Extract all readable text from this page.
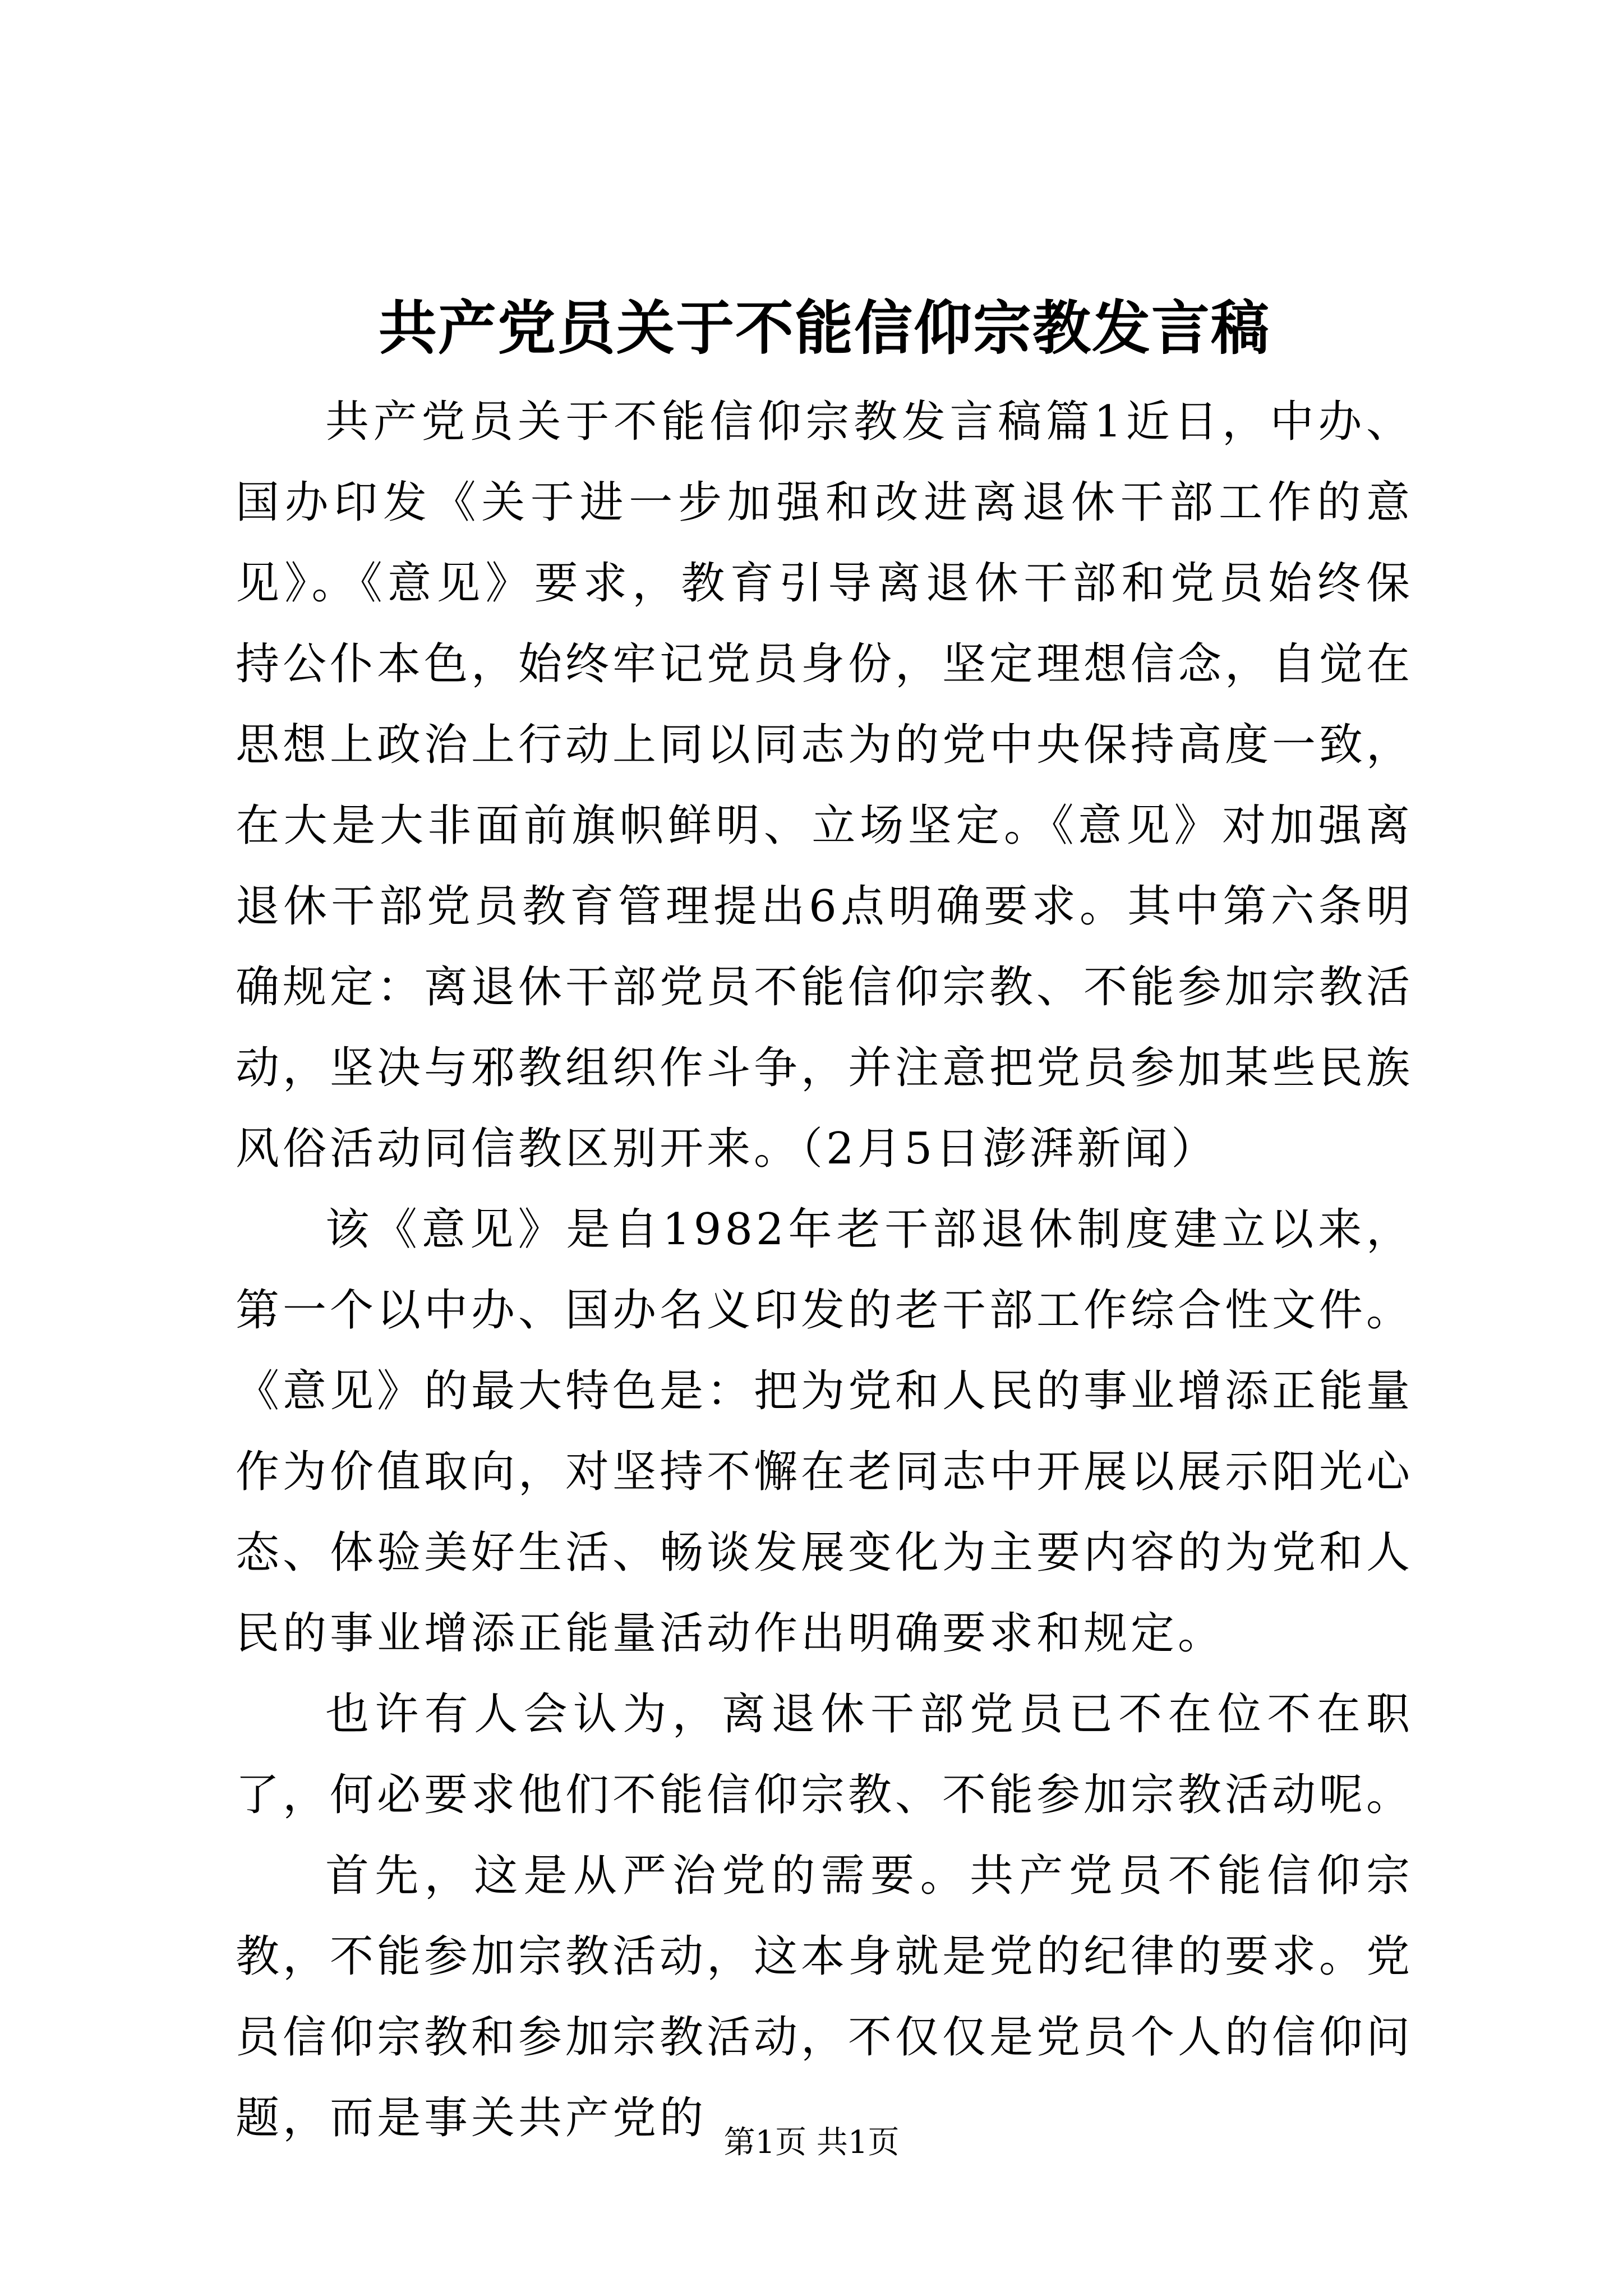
共产党员关于不能信仰宗教发言稿

共产党员关于不能信仰宗教发言稿篇1近日，中办、国办印发《关于进一步加强和改进离退休干部工作的意见》。《意见》要求，教育引导离退休干部和党员始终保持公仆本色，始终牢记党员身份，坚定理想信念，自觉在思想上政治上行动上同以同志为的党中央保持高度一致，在大是大非面前旗帜鲜明、立场坚定。《意见》对加强离退休干部党员教育管理提出6点明确要求。其中第六条明确规定：离退休干部党员不能信仰宗教、不能参加宗教活动，坚决与邪教组织作斗争，并注意把党员参加某些民族风俗活动同信教区别开来。（2月5日澎湃新闻）

该《意见》是自1982年老干部退休制度建立以来，第一个以中办、国办名义印发的老干部工作综合性文件。《意见》的最大特色是：把为党和人民的事业增添正能量作为价值取向，对坚持不懈在老同志中开展以展示阳光心态、体验美好生活、畅谈发展变化为主要内容的为党和人民的事业增添正能量活动作出明确要求和规定。

也许有人会认为，离退休干部党员已不在位不在职了，何必要求他们不能信仰宗教、不能参加宗教活动呢。

首先，这是从严治党的需要。共产党员不能信仰宗教，不能参加宗教活动，这本身就是党的纪律的要求。党员信仰宗教和参加宗教活动，不仅仅是党员个人的信仰问题，而是事关共产党的 第1页 共1页
